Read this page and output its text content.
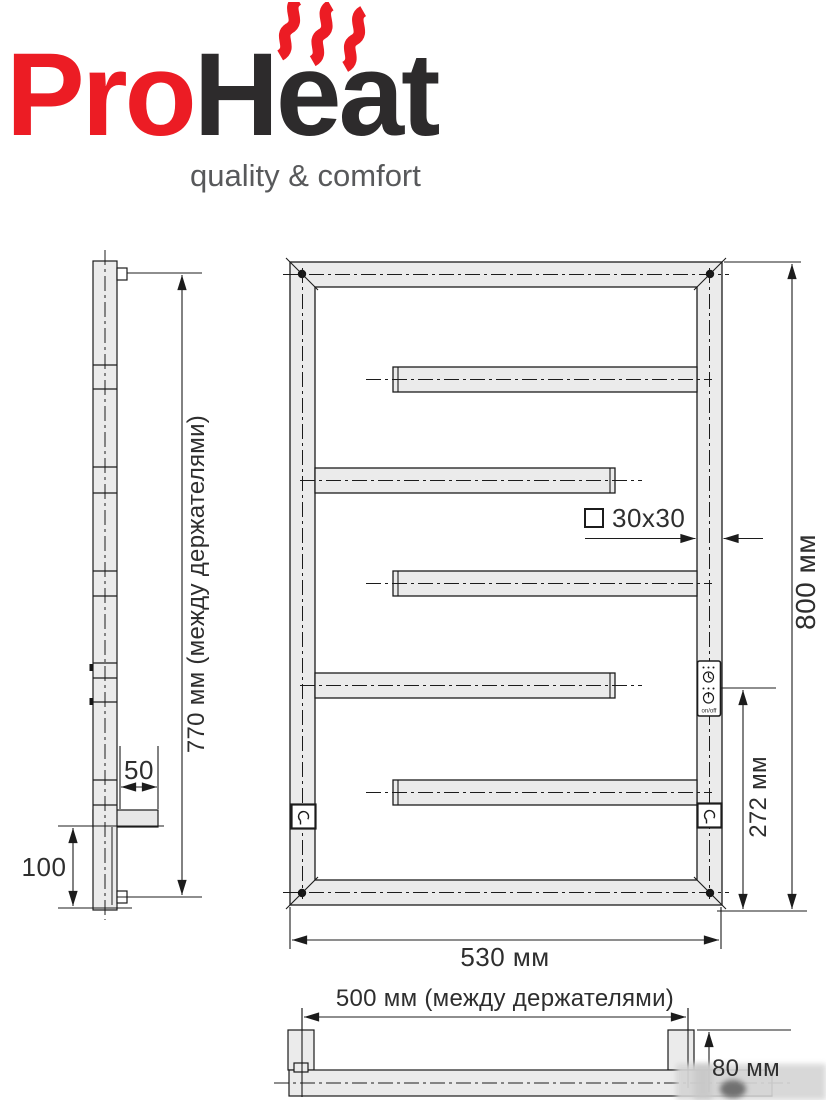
ProHeat
quality & comfort
770 мм (между держателями)
50
100
30x30
800 мм
272 мм
530 мм
500 мм (между держателями)
on/off
80 мм
